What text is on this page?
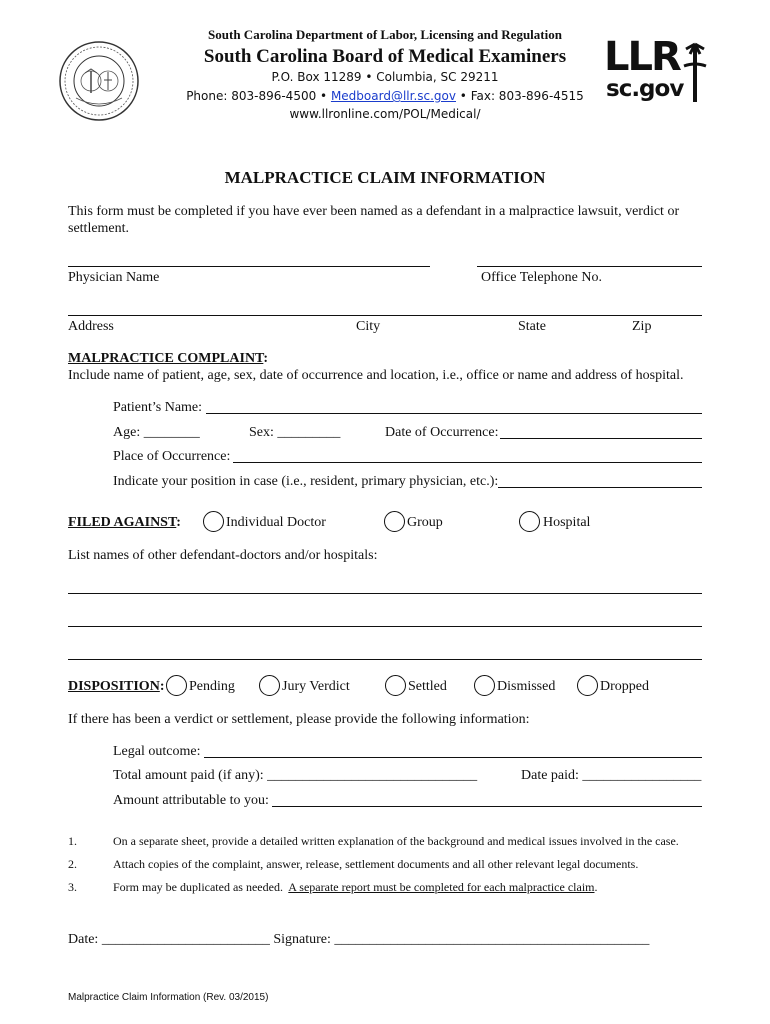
South Carolina Department of Labor, Licensing and Regulation
South Carolina Board of Medical Examiners
P.O. Box 11289 • Columbia, SC 29211
Phone: 803-896-4500 • Medboard@llr.sc.gov • Fax: 803-896-4515
www.llronline.com/POL/Medical/
LLR
sc.gov
MALPRACTICE CLAIM INFORMATION
This form must be completed if you have ever been named as a defendant in a malpractice lawsuit, verdict or
settlement.
Physician Name	Office Telephone No.
Address	City	State	Zip
MALPRACTICE COMPLAINT:
Include name of patient, age, sex, date of occurrence and location, i.e., office or name and address of hospital.
Patient’s Name:
Age: ________	Sex: _________	Date of Occurrence:
Place of Occurrence:
Indicate your position in case (i.e., resident, primary physician, etc.):
FILED AGAINST:	Individual Doctor	Group	Hospital
List names of other defendant-doctors and/or hospitals:
DISPOSITION: Pending	Jury Verdict	Settled	Dismissed	Dropped
If there has been a verdict or settlement, please provide the following information:
Legal outcome:
Total amount paid (if any): ______________________________	Date paid: _________________
Amount attributable to you:
1.	On a separate sheet, provide a detailed written explanation of the background and medical issues involved in the case.
2.	Attach copies of the complaint, answer, release, settlement documents and all other relevant legal documents.
3.	Form may be duplicated as needed. A separate report must be completed for each malpractice claim.
Date: ________________________ Signature: _____________________________________________
Malpractice Claim Information (Rev. 03/2015)
